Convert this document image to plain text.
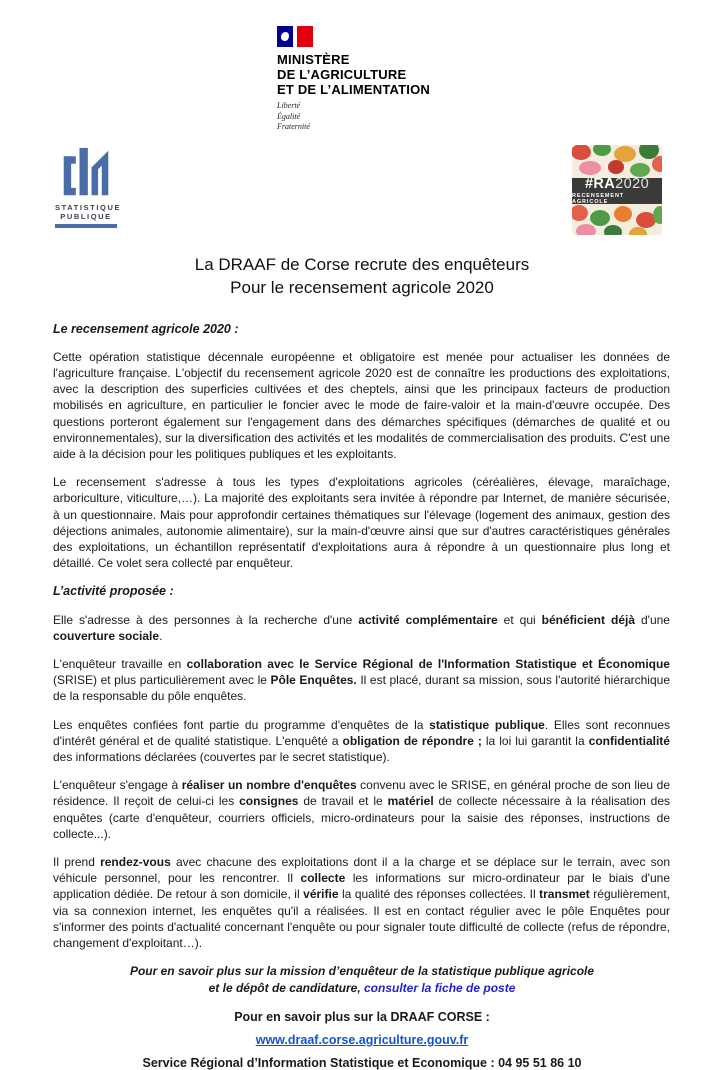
MINISTÈRE
DE L’AGRICULTURE
ET DE L’ALIMENTATION
Liberté
Égalité
Fraternité
STATISTIQUE
PUBLIQUE
#RA2020
RECENSEMENT AGRICOLE
La DRAAF de Corse recrute des enquêteurs
Pour le recensement agricole 2020
Le recensement agricole 2020 :

Cette opération statistique décennale européenne et obligatoire est menée pour actualiser les données de l'agriculture française. L'objectif du recensement agricole 2020 est de connaître les productions des exploitations, avec la description des superficies cultivées et des cheptels, ainsi que les principaux facteurs de production mobilisés en agriculture, en particulier le foncier avec le mode de faire-valoir et la main-d'œuvre occupée. Des questions porteront également sur l'engagement dans des démarches spécifiques (démarches de qualité et ou environnementales), sur la diversification des activités et les modalités de commercialisation des produits. C'est une aide à la décision pour les politiques publiques et les exploitants.

Le recensement s'adresse à tous les types d'exploitations agricoles (céréalières, élevage, maraîchage, arboriculture, viticulture,…). La majorité des exploitants sera invitée à répondre par Internet, de manière sécurisée, à un questionnaire. Mais pour approfondir certaines thématiques sur l'élevage (logement des animaux, gestion des déjections animales, autonomie alimentaire), sur la main-d'œuvre ainsi que sur d'autres caractéristiques générales des exploitations, un échantillon représentatif d'exploitations aura à répondre à un questionnaire plus long et détaillé. Ce volet sera collecté par enquêteur.

L’activité proposée :

Elle s'adresse à des personnes à la recherche d'une activité complémentaire et qui bénéficient déjà d'une couverture sociale.

L'enquêteur travaille en collaboration avec le Service Régional de l'Information Statistique et Économique (SRISE) et plus particulièrement avec le Pôle Enquêtes. Il est placé, durant sa mission, sous l'autorité hiérarchique de la responsable du pôle enquêtes.

Les enquêtes confiées font partie du programme d'enquêtes de la statistique publique. Elles sont reconnues d'intérêt général et de qualité statistique. L'enquêté a obligation de répondre ; la loi lui garantit la confidentialité des informations déclarées (couvertes par le secret statistique).

L'enquêteur s'engage à réaliser un nombre d'enquêtes convenu avec le SRISE, en général proche de son lieu de résidence. Il reçoit de celui-ci les consignes de travail et le matériel de collecte nécessaire à la réalisation des enquêtes (carte d'enquêteur, courriers officiels, micro-ordinateurs pour la saisie des réponses, instructions de collecte...).

Il prend rendez-vous avec chacune des exploitations dont il a la charge et se déplace sur le terrain, avec son véhicule personnel, pour les rencontrer. Il collecte les informations sur micro-ordinateur par le biais d'une application dédiée. De retour à son domicile, il vérifie la qualité des réponses collectées. Il transmet régulièrement, via sa connexion internet, les enquêtes qu'il a réalisées. Il est en contact régulier avec le pôle Enquêtes pour s'informer des points d'actualité concernant l'enquête ou pour signaler toute difficulté de collecte (refus de répondre, changement d'exploitant…).

Pour en savoir plus sur la mission d’enquêteur de la statistique publique agricole
et le dépôt de candidature, consulter la fiche de poste
Pour en savoir plus sur la DRAAF CORSE :
www.draaf.corse.agriculture.gouv.fr
Service Régional d’Information Statistique et Economique : 04 95 51 86 10
